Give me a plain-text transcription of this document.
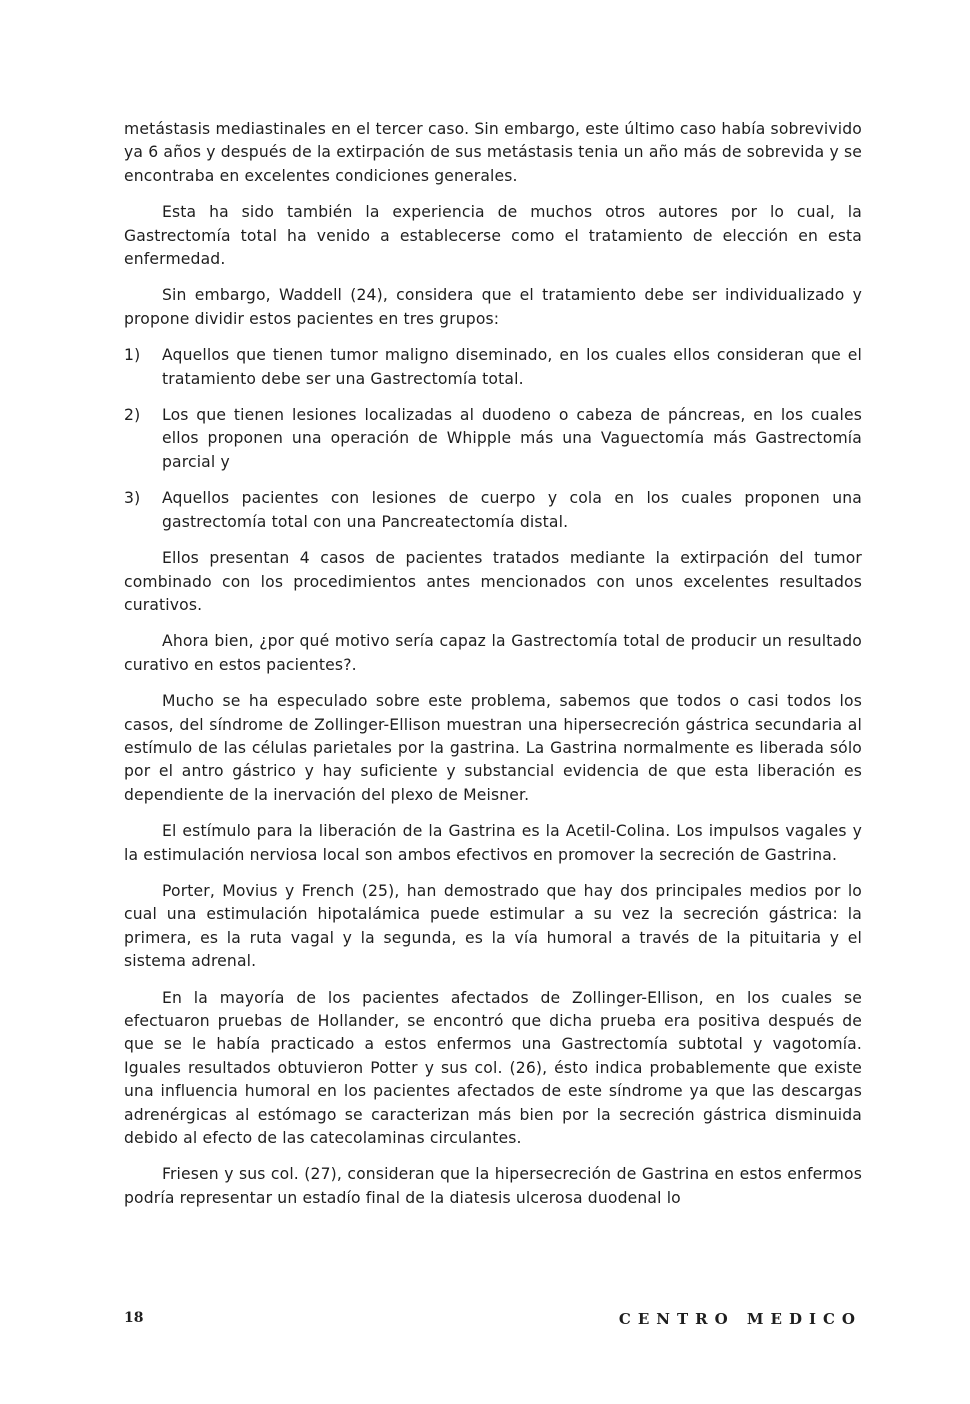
metástasis mediastinales en el tercer caso. Sin embargo, este último caso había sobrevivido ya 6 años y después de la extirpación de sus metástasis tenia un año más de sobrevida y se encontraba en excelentes condiciones generales.

Esta ha sido también la experiencia de muchos otros autores por lo cual, la Gastrectomía total ha venido a establecerse como el tratamiento de elección en esta enfermedad.

Sin embargo, Waddell (24), considera que el tratamiento debe ser individualizado y propone dividir estos pacientes en tres grupos:

1) Aquellos que tienen tumor maligno diseminado, en los cuales ellos consideran que el tratamiento debe ser una Gastrectomía total.
2) Los que tienen lesiones localizadas al duodeno o cabeza de páncreas, en los cuales ellos proponen una operación de Whipple más una Vaguectomía más Gastrectomía parcial y
3) Aquellos pacientes con lesiones de cuerpo y cola en los cuales proponen una gastrectomía total con una Pancreatectomía distal.

Ellos presentan 4 casos de pacientes tratados mediante la extirpación del tumor combinado con los procedimientos antes mencionados con unos excelentes resultados curativos.

Ahora bien, ¿por qué motivo sería capaz la Gastrectomía total de producir un resultado curativo en estos pacientes?.

Mucho se ha especulado sobre este problema, sabemos que todos o casi todos los casos, del síndrome de Zollinger-Ellison muestran una hipersecreción gástrica secundaria al estímulo de las células parietales por la gastrina. La Gastrina normalmente es liberada sólo por el antro gástrico y hay suficiente y substancial evidencia de que esta liberación es dependiente de la inervación del plexo de Meisner.

El estímulo para la liberación de la Gastrina es la Acetil-Colina. Los impulsos vagales y la estimulación nerviosa local son ambos efectivos en promover la secreción de Gastrina.

Porter, Movius y French (25), han demostrado que hay dos principales medios por lo cual una estimulación hipotalámica puede estimular a su vez la secreción gástrica: la primera, es la ruta vagal y la segunda, es la vía humoral a través de la pituitaria y el sistema adrenal.

En la mayoría de los pacientes afectados de Zollinger-Ellison, en los cuales se efectuaron pruebas de Hollander, se encontró que dicha prueba era positiva después de que se le había practicado a estos enfermos una Gastrectomía subtotal y vagotomía. Iguales resultados obtuvieron Potter y sus col. (26), ésto indica probablemente que existe una influencia humoral en los pacientes afectados de este síndrome ya que las descargas adrenérgicas al estómago se caracterizan más bien por la secreción gástrica disminuida debido al efecto de las catecolaminas circulantes.

Friesen y sus col. (27), consideran que la hipersecreción de Gastrina en estos enfermos podría representar un estadío final de la diatesis ulcerosa duodenal lo

18	CENTRO MEDICO
